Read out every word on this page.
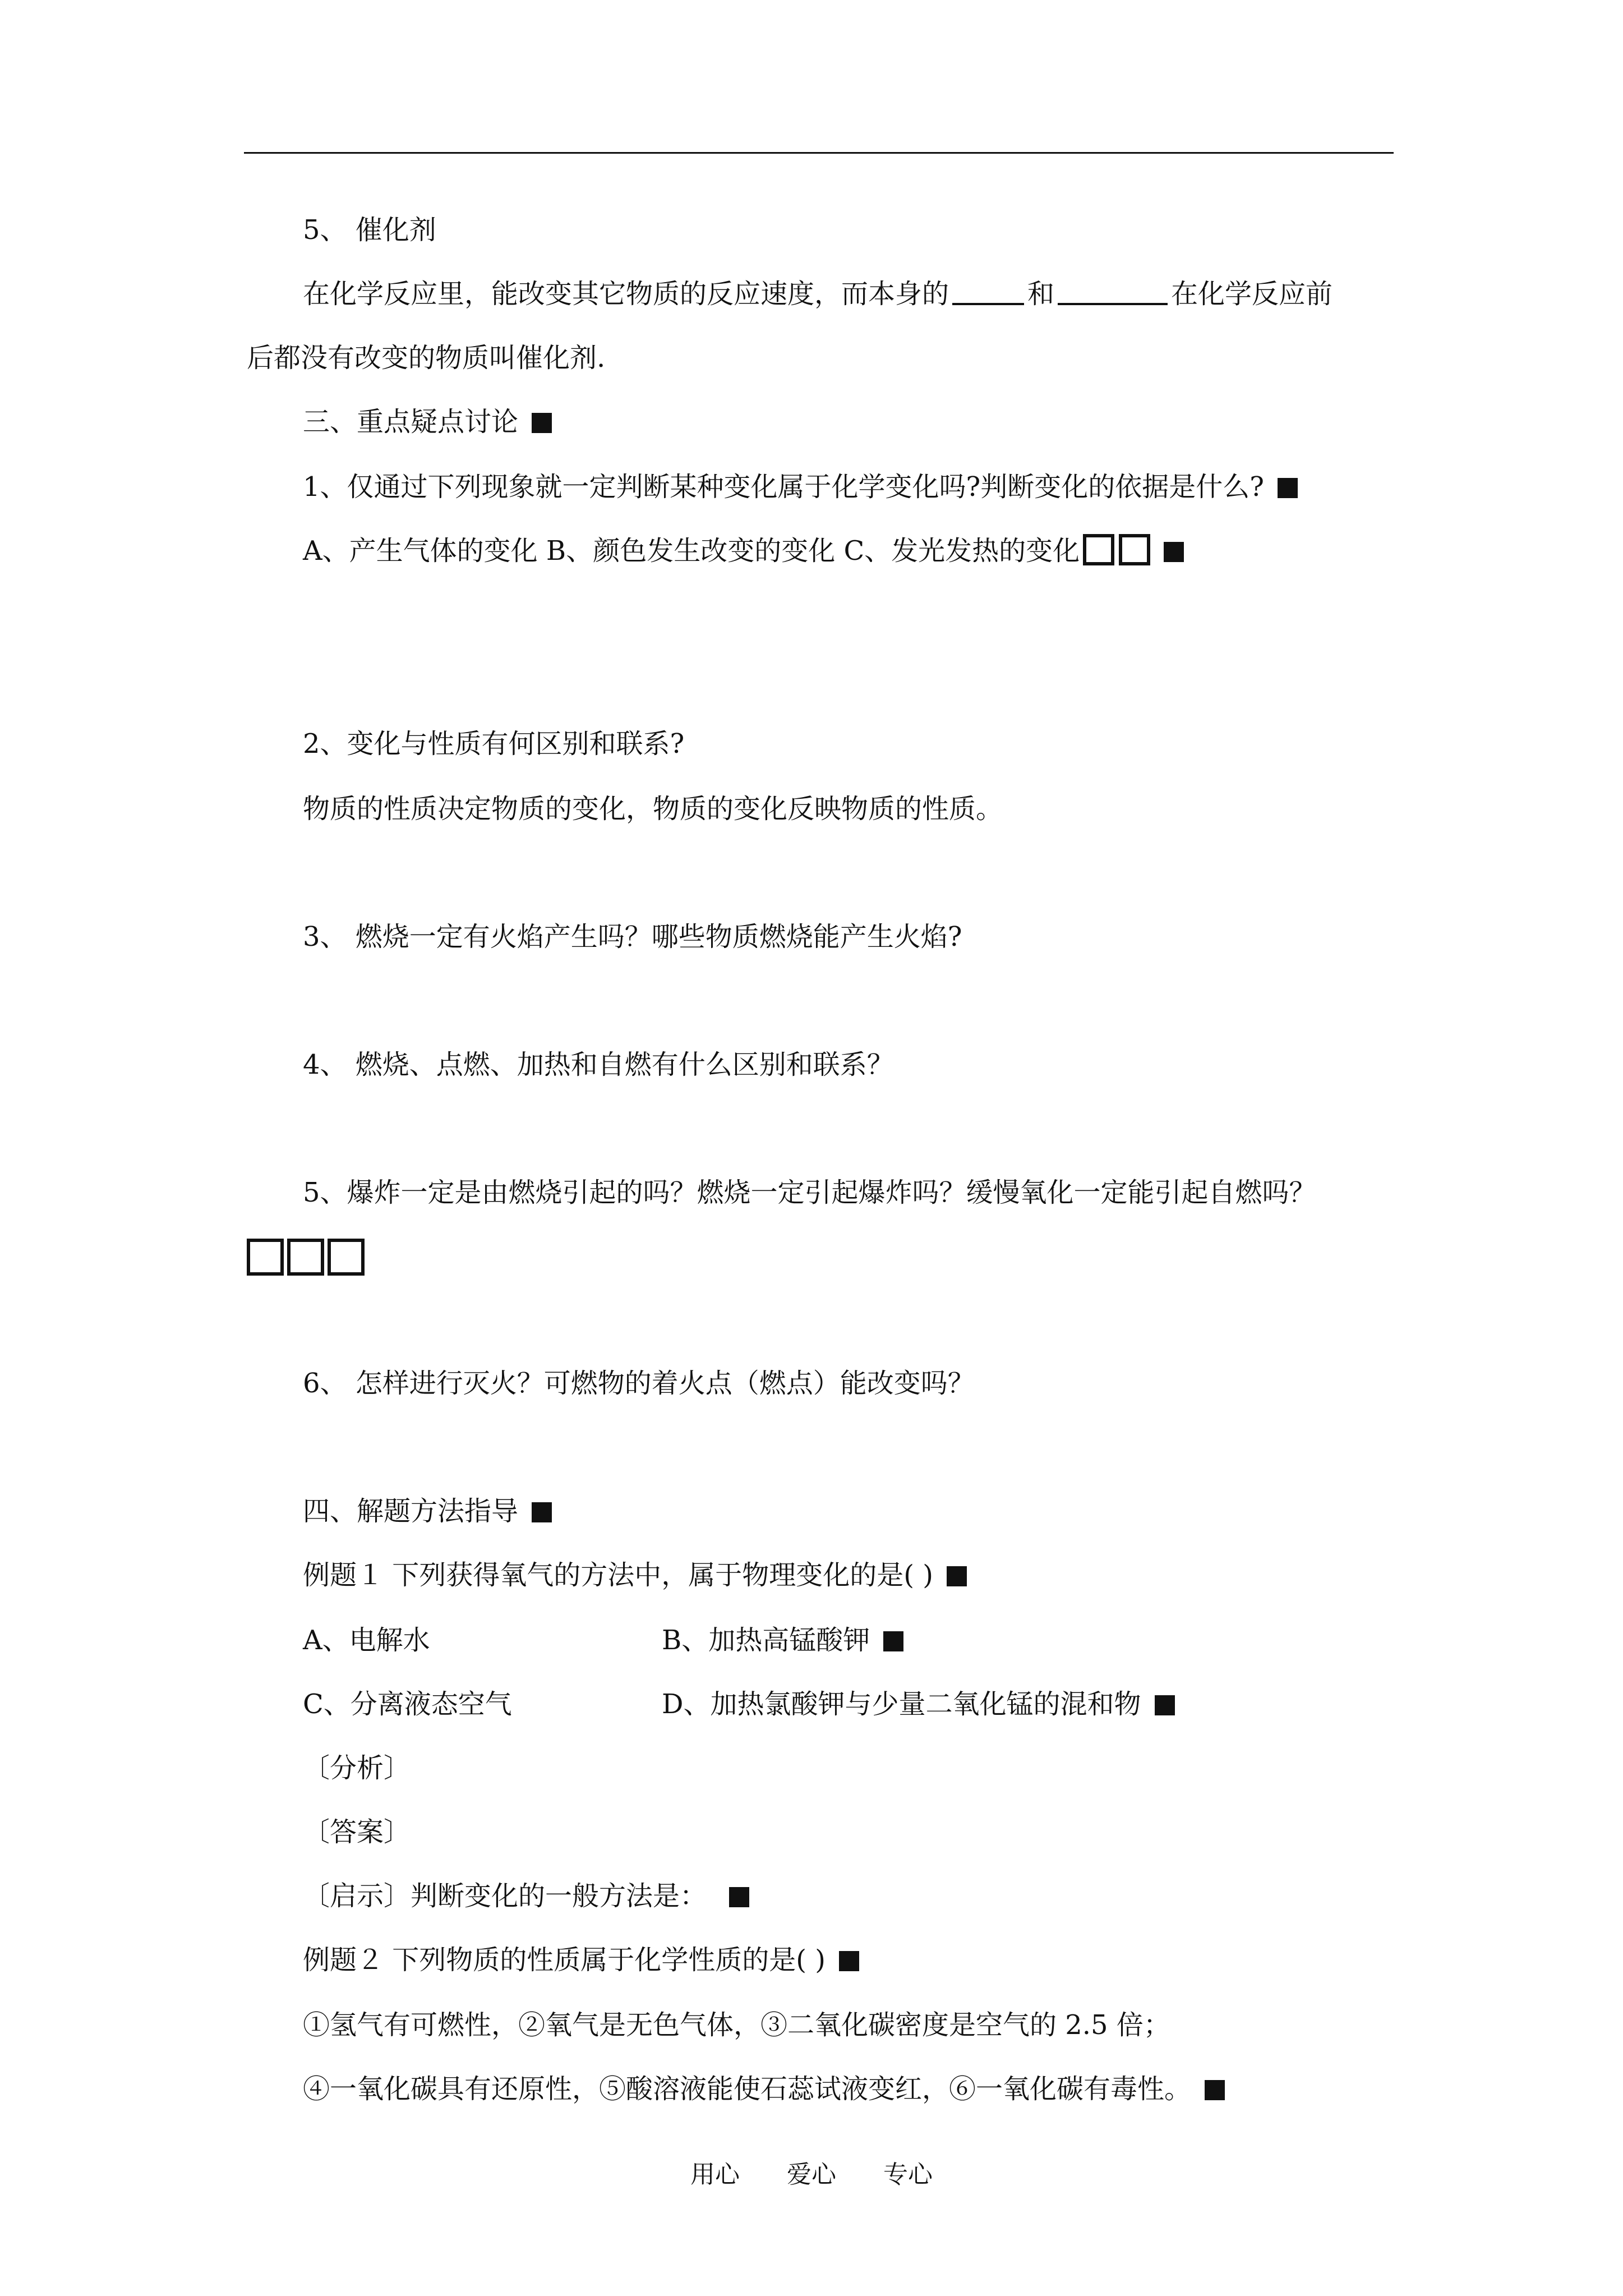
5、 催化剂
在化学反应里，能改变其它物质的反应速度，而本身的	和	在化学反应前
后都没有改变的物质叫催化剂.
三、重点疑点讨论
1、仅通过下列现象就一定判断某种变化属于化学变化吗?判断变化的依据是什么?
A、产生气体的变化 B、颜色发生改变的变化 C、发光发热的变化
2、变化与性质有何区别和联系?
物质的性质决定物质的变化，物质的变化反映物质的性质。
3、 燃烧一定有火焰产生吗？哪些物质燃烧能产生火焰?
4、 燃烧、点燃、加热和自燃有什么区别和联系？
5、爆炸一定是由燃烧引起的吗？燃烧一定引起爆炸吗？缓慢氧化一定能引起自燃吗？
6、 怎样进行灭火？可燃物的着火点（燃点）能改变吗？
四、解题方法指导
例题１ 下列获得氧气的方法中，属于物理变化的是( )
A、电解水	B、加热高锰酸钾
C、分离液态空气	D、加热氯酸钾与少量二氧化锰的混和物
〔分析〕
〔答案〕
〔启示〕判断变化的一般方法是：
例题２ 下列物质的性质属于化学性质的是( )
①氢气有可燃性，②氧气是无色气体，③二氧化碳密度是空气的 2.5 倍；
④一氧化碳具有还原性，⑤酸溶液能使石蕊试液变红，⑥一氧化碳有毒性。
用心 爱心 专心
